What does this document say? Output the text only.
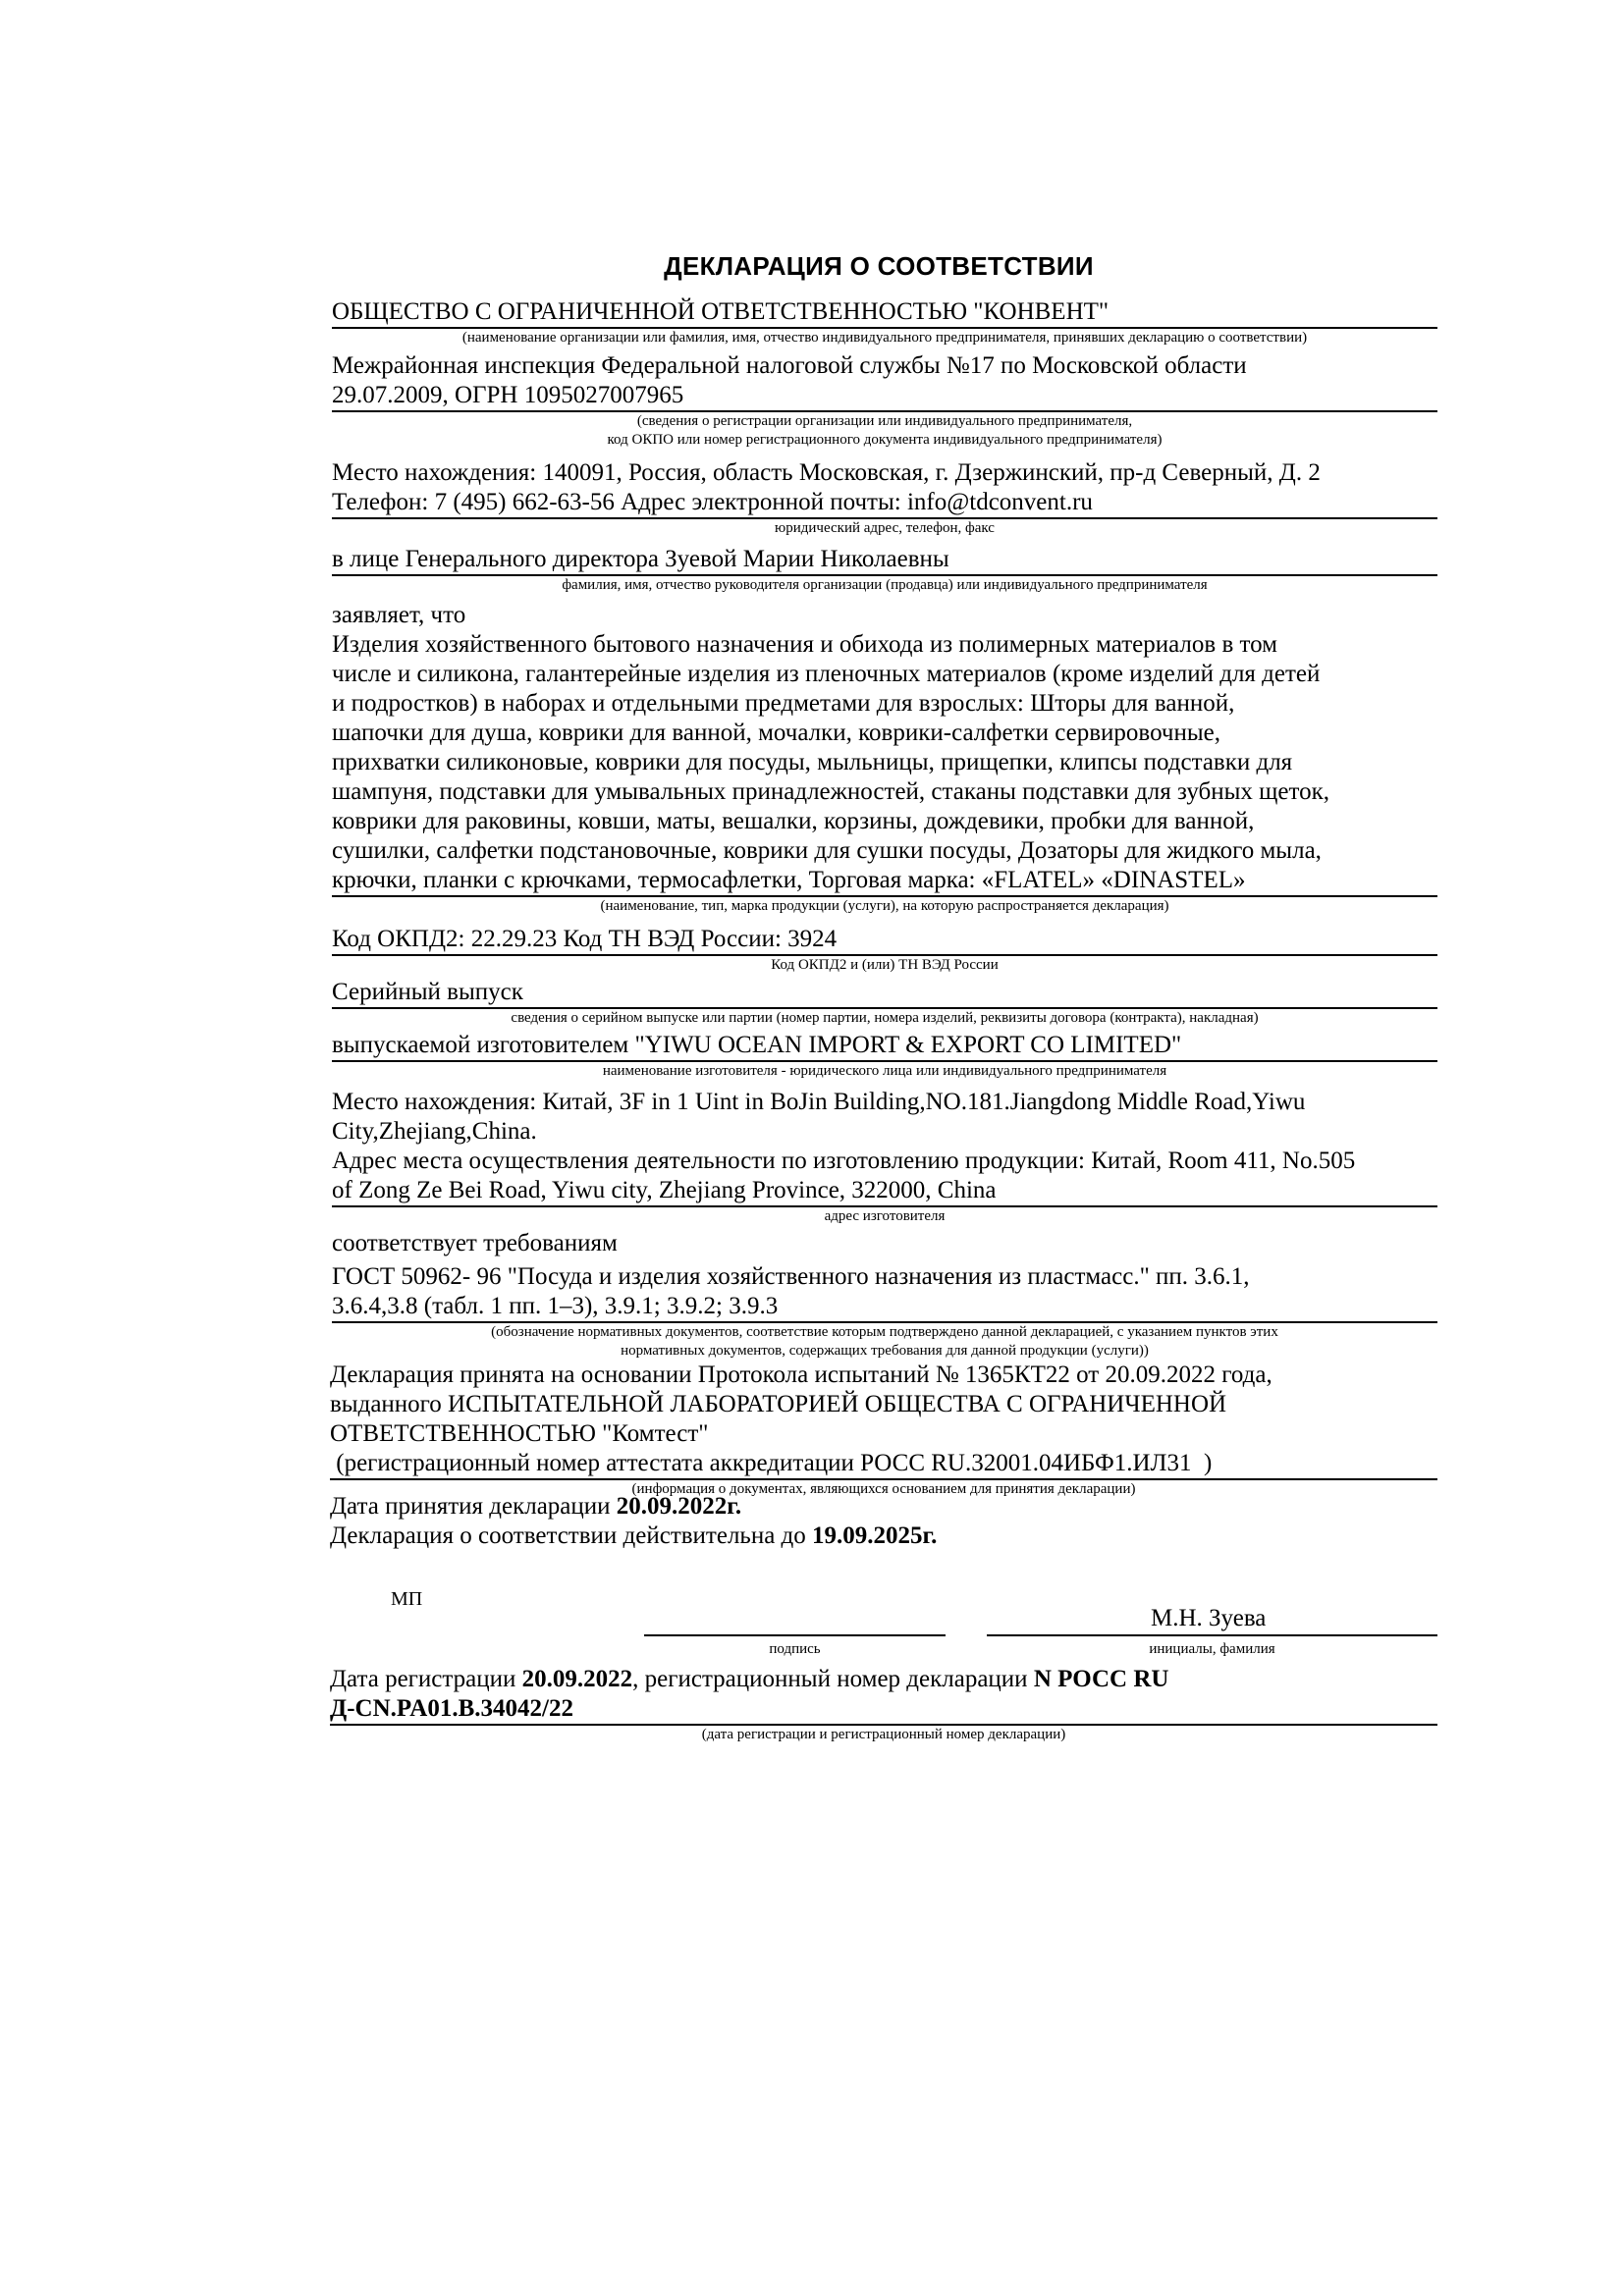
ДЕКЛАРАЦИЯ О СООТВЕТСТВИИ
ОБЩЕСТВО С ОГРАНИЧЕННОЙ ОТВЕТСТВЕННОСТЬЮ "КОНВЕНТ"
(наименование организации или фамилия, имя, отчество индивидуального предпринимателя, принявших декларацию о соответствии)
Межрайонная инспекция Федеральной налоговой службы №17 по Московской области
29.07.2009, ОГРН 1095027007965
(сведения о регистрации организации или индивидуального предпринимателя,
код ОКПО или номер регистрационного документа индивидуального предпринимателя)
Место нахождения: 140091, Россия, область Московская, г. Дзержинский, пр-д Северный, Д. 2
Телефон: 7 (495) 662-63-56 Адрес электронной почты: info@tdconvent.ru
юридический адрес, телефон, факс
в лице Генерального директора Зуевой Марии Николаевны
фамилия, имя, отчество руководителя организации (продавца) или индивидуального предпринимателя
заявляет, что
Изделия хозяйственного бытового назначения и обихода из полимерных материалов в том
числе и силикона, галантерейные изделия из пленочных материалов (кроме изделий для детей
и подростков) в наборах и отдельными предметами для взрослых: Шторы для ванной,
шапочки для душа, коврики для ванной, мочалки, коврики-салфетки сервировочные,
прихватки силиконовые, коврики для посуды, мыльницы, прищепки, клипсы подставки для
шампуня, подставки для умывальных принадлежностей, стаканы подставки для зубных щеток,
коврики для раковины, ковши, маты, вешалки, корзины, дождевики, пробки для ванной,
сушилки, салфетки подстановочные, коврики для сушки посуды, Дозаторы для жидкого мыла,
крючки, планки с крючками, термосафлетки, Торговая марка: «FLATEL» «DINASTEL»
(наименование, тип, марка продукции (услуги), на которую распространяется декларация)
Код ОКПД2: 22.29.23 Код ТН ВЭД России: 3924
Код ОКПД2 и (или) ТН ВЭД России
Серийный выпуск
сведения о серийном выпуске или партии (номер партии, номера изделий, реквизиты договора (контракта), накладная)
выпускаемой изготовителем "YIWU OCEAN IMPORT & EXPORT CO LIMITED"
наименование изготовителя - юридического лица или индивидуального предпринимателя
Место нахождения: Китай, 3F in 1 Uint in BoJin Building,NO.181.Jiangdong Middle Road,Yiwu
City,Zhejiang,China.
Адрес места осуществления деятельности по изготовлению продукции: Китай, Room 411, No.505
of Zong Ze Bei Road, Yiwu city, Zhejiang Province, 322000, China
адрес изготовителя
соответствует требованиям
ГОСТ 50962- 96 "Посуда и изделия хозяйственного назначения из пластмасс." пп. 3.6.1,
3.6.4,3.8 (табл. 1 пп. 1–3), 3.9.1; 3.9.2; 3.9.3
(обозначение нормативных документов, соответствие которым подтверждено данной декларацией, с указанием пунктов этих
нормативных документов, содержащих требования для данной продукции (услуги))
Декларация принята на основании Протокола испытаний № 1365КТ22 от 20.09.2022 года,
выданного ИСПЫТАТЕЛЬНОЙ ЛАБОРАТОРИЕЙ ОБЩЕСТВА С ОГРАНИЧЕННОЙ
ОТВЕТСТВЕННОСТЬЮ "Комтест"
(регистрационный номер аттестата аккредитации РОСС RU.32001.04ИБФ1.ИЛ31  )
(информация о документах, являющихся основанием для принятия декларации)
Дата принятия декларации 20.09.2022г.
Декларация о соответствии действительна до 19.09.2025г.
МП
М.Н. Зуева
подпись	инициалы, фамилия
Дата регистрации 20.09.2022, регистрационный номер декларации N РОСС RU
Д-CN.PA01.B.34042/22
(дата регистрации и регистрационный номер декларации)
